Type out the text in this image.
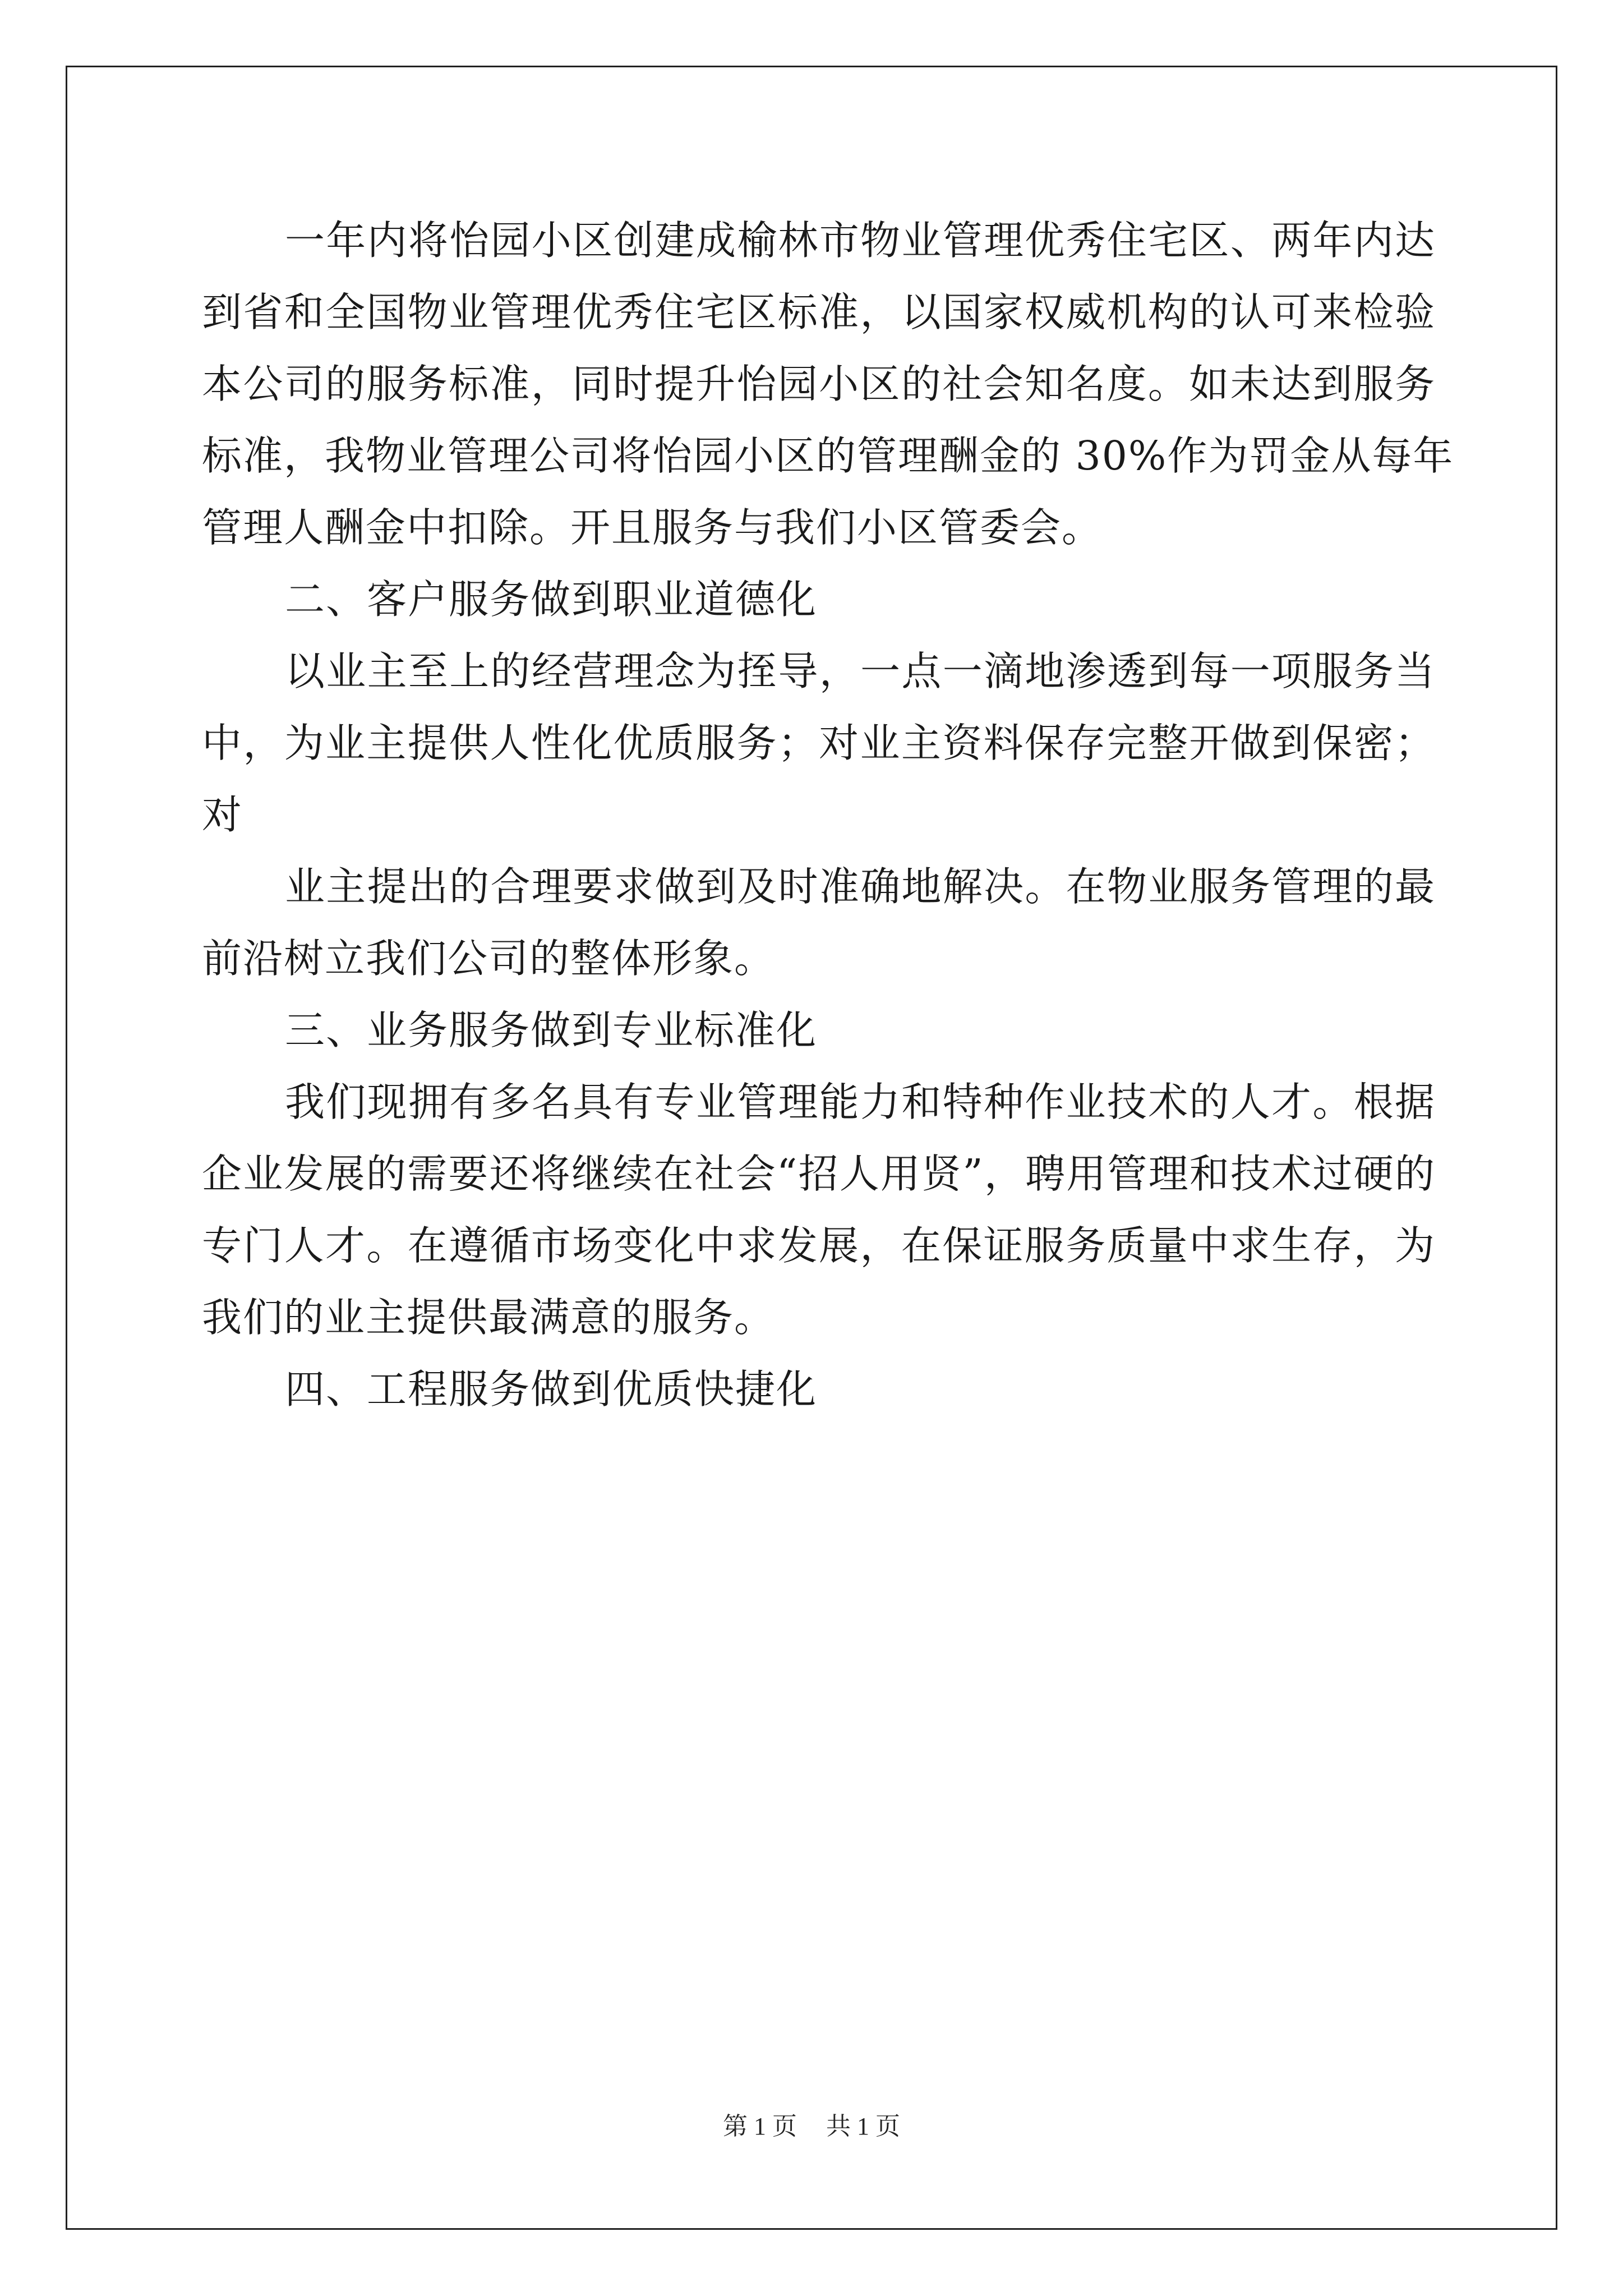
一年内将怡园小区创建成榆林市物业管理优秀住宅区、两年内达
到省和全国物业管理优秀住宅区标准，以国家权威机构的认可来检验
本公司的服务标准，同时提升怡园小区的社会知名度。如未达到服务
标准，我物业管理公司将怡园小区的管理酬金的 30%作为罚金从每年
管理人酬金中扣除。开且服务与我们小区管委会。
二、客户服务做到职业道德化
以业主至上的经营理念为挃导，一点一滴地渗透到每一项服务当
中，为业主提供人性化优质服务；对业主资料保存完整开做到保密；
对
业主提出的合理要求做到及时准确地解决。在物业服务管理的最
前沿树立我们公司的整体形象。
三、业务服务做到专业标准化
我们现拥有多名具有专业管理能力和特种作业技术的人才。根据
企业发展的需要还将继续在社会“招人用贤”，聘用管理和技术过硬的
专门人才。在遵循市场变化中求发展，在保证服务质量中求生存，为
我们的业主提供最满意的服务。
四、工程服务做到优质快捷化
第 1 页 共 1 页
